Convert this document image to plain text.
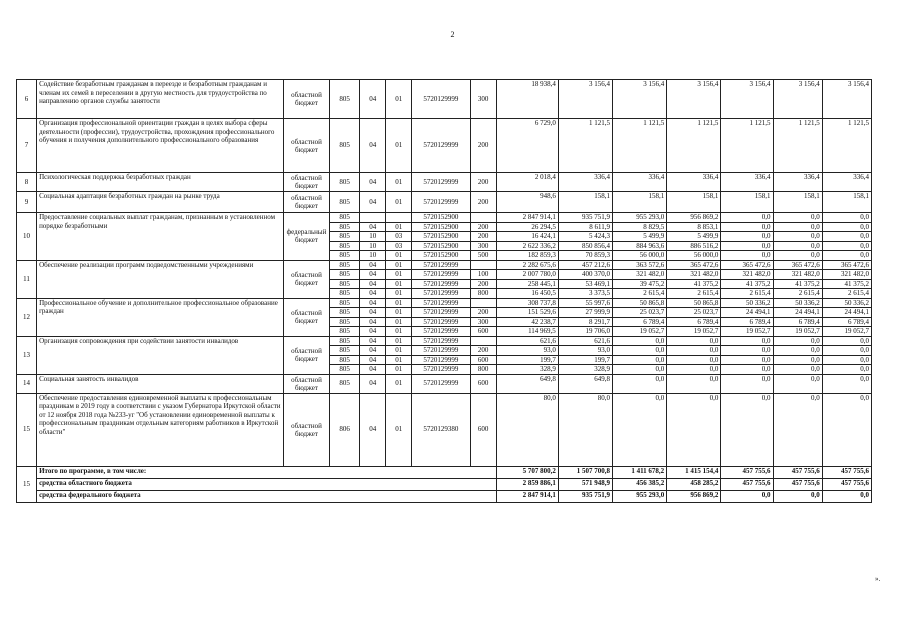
2
6	Содействие безработным гражданам в переезде и безработным гражданам и членам их семей в переселении в другую местность для трудоустройства по направлению органов службы занятости	областной бюджет	805	04	01	5720129999	300	18 938,4	3 156,4	3 156,4	3 156,4	3 156,4	3 156,4	3 156,4
7	Организация профессиональной ориентации граждан в целях выбора сферы деятельности (профессии), трудоустройства, прохождения профессионального обучения и получения дополнительного профессионального образования	областной бюджет	805	04	01	5720129999	200	6 729,0	1 121,5	1 121,5	1 121,5	1 121,5	1 121,5	1 121,5
8	Психологическая поддержка безработных граждан	областной бюджет	805	04	01	5720129999	200	2 018,4	336,4	336,4	336,4	336,4	336,4	336,4
9	Социальная адаптация безработных граждан на рынке труда	областной бюджет	805	04	01	5720129999	200	948,6	158,1	158,1	158,1	158,1	158,1	158,1
10	Предоставление социальных выплат гражданам, признанным в установленном порядке безработными	федеральный бюджет	805			5720152900		2 847 914,1	935 751,9	955 293,0	956 869,2	0,0	0,0	0,0
			805	04	01	5720152900	200	26 294,5	8 611,9	8 829,5	8 853,1	0,0	0,0	0,0
			805	10	03	5720152900	200	16 424,1	5 424,3	5 499,9	5 499,9	0,0	0,0	0,0
			805	10	03	5720152900	300	2 622 336,2	850 856,4	884 963,6	886 516,2	0,0	0,0	0,0
			805	10	01	5720152900	500	182 859,3	70 859,3	56 000,0	56 000,0	0,0	0,0	0,0
11	Обеспечение реализации программ подведомственными учреждениями	областной бюджет	805	04	01	5720129999		2 282 675,6	457 212,6	363 572,6	365 472,6	365 472,6	365 472,6	365 472,6
			805	04	01	5720129999	100	2 007 780,0	400 370,0	321 482,0	321 482,0	321 482,0	321 482,0	321 482,0
			805	04	01	5720129999	200	258 445,1	53 469,1	39 475,2	41 375,2	41 375,2	41 375,2	41 375,2
			805	04	01	5720129999	800	16 450,5	3 373,5	2 615,4	2 615,4	2 615,4	2 615,4	2 615,4
12	Профессиональное обучение и дополнительное профессиональное образование граждан	областной бюджет	805	04	01	5720129999		308 737,8	55 997,6	50 865,8	50 865,8	50 336,2	50 336,2	50 336,2
			805	04	01	5720129999	200	151 529,6	27 999,9	25 023,7	25 023,7	24 494,1	24 494,1	24 494,1
			805	04	01	5720129999	300	42 238,7	8 291,7	6 789,4	6 789,4	6 789,4	6 789,4	6 789,4
			805	04	01	5720129999	600	114 969,5	19 706,0	19 052,7	19 052,7	19 052,7	19 052,7	19 052,7
13	Организация сопровождения при содействии занятости инвалидов	областной бюджет	805	04	01	5720129999		621,6	621,6	0,0	0,0	0,0	0,0	0,0
			805	04	01	5720129999	200	93,0	93,0	0,0	0,0	0,0	0,0	0,0
			805	04	01	5720129999	600	199,7	199,7	0,0	0,0	0,0	0,0	0,0
			805	04	01	5720129999	800	328,9	328,9	0,0	0,0	0,0	0,0	0,0
14	Социальная занятость инвалидов	областной бюджет	805	04	01	5720129999	600	649,8	649,8	0,0	0,0	0,0	0,0	0,0
15	Обеспечение предоставления единовременной выплаты к профессиональным праздникам в 2019 году в соответствии с указом Губернатора Иркутской области от 12 ноября 2018 года №233-уг "Об установлении единовременной выплаты к профессиональным праздникам отдельным категориям работников в Иркутской области"	областной бюджет	806	04	01	5720129380	600	80,0	80,0	0,0	0,0	0,0	0,0	0,0
15	Итого по программе, в том числе:							5 707 800,2	1 507 700,8	1 411 678,2	1 415 154,4	457 755,6	457 755,6	457 755,6
	средства областного бюджета							2 859 886,1	571 948,9	456 385,2	458 285,2	457 755,6	457 755,6	457 755,6
	средства федерального бюджета							2 847 914,1	935 751,9	955 293,0	956 869,2	0,0	0,0	0,0
».
